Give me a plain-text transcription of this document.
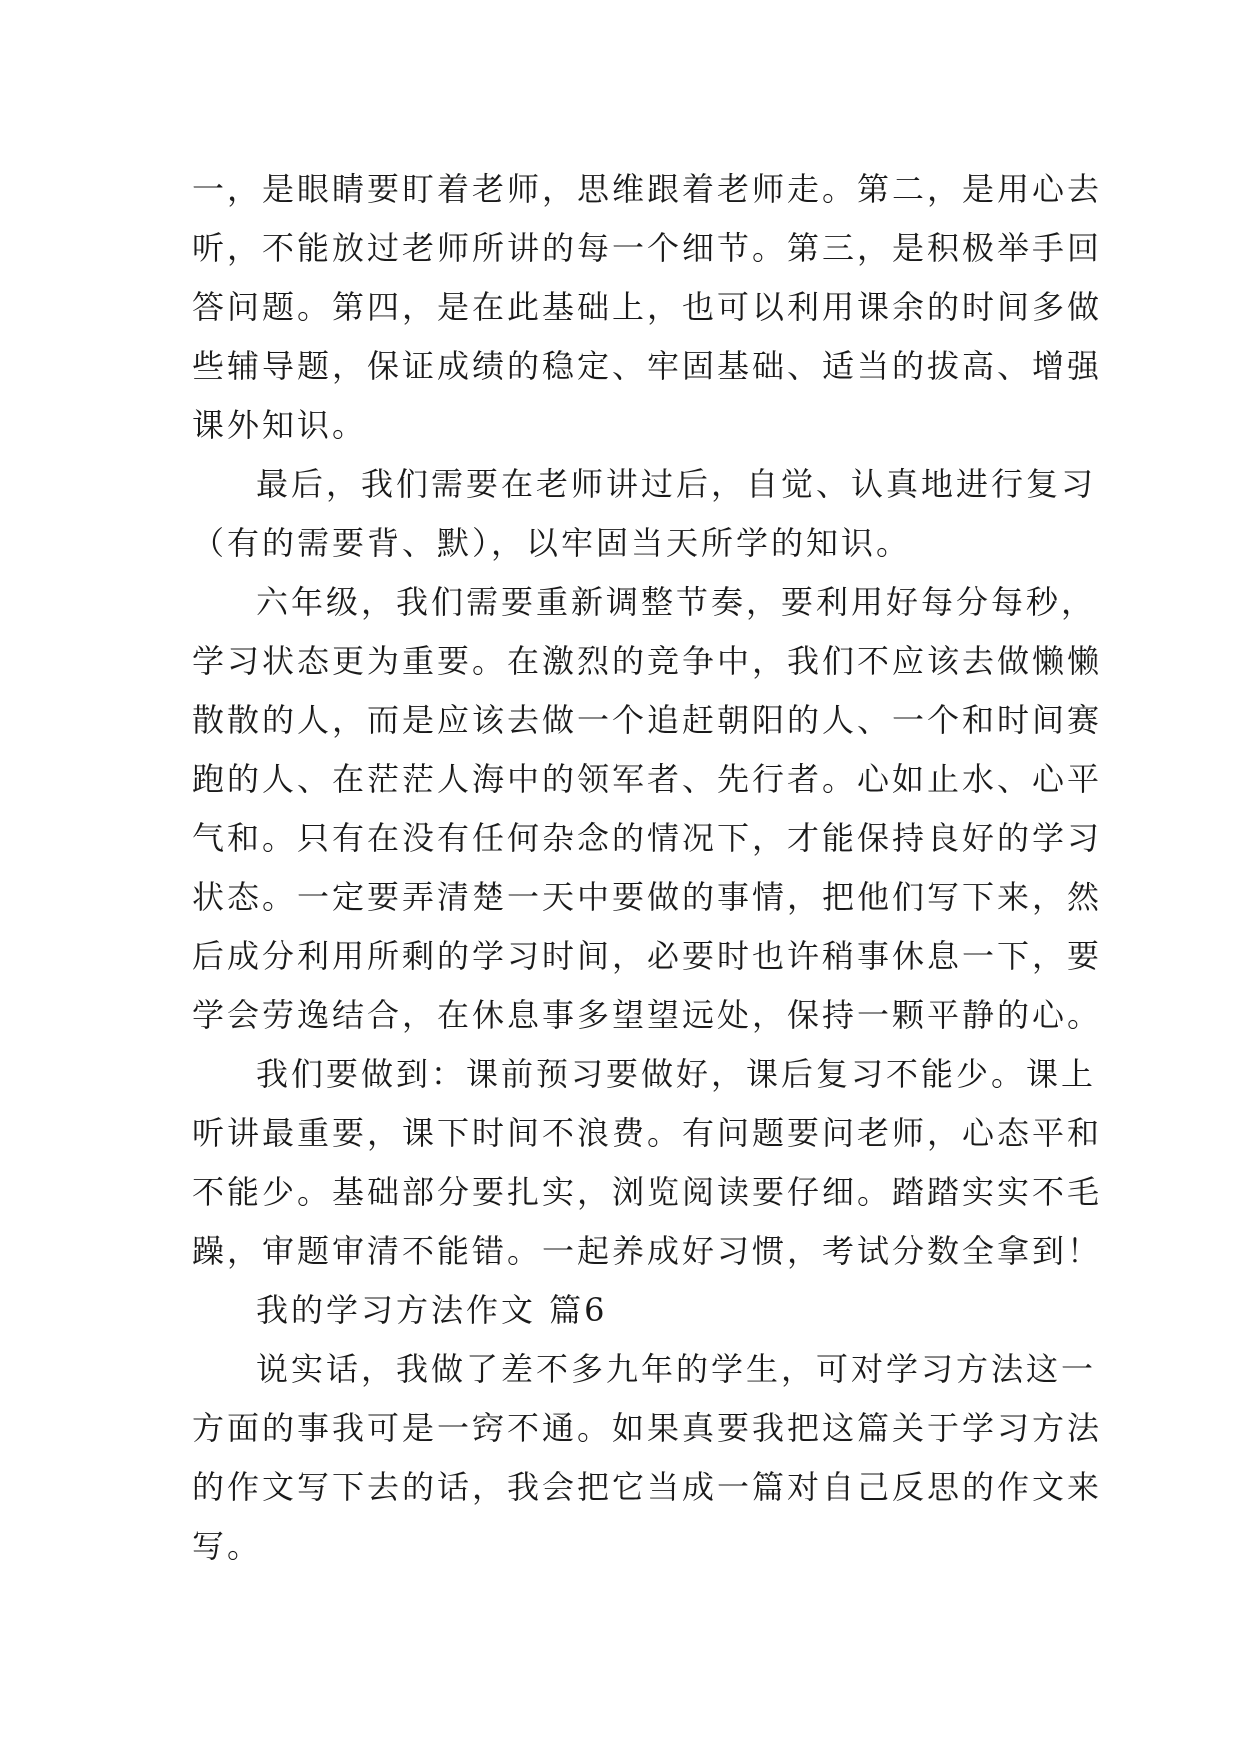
一，是眼睛要盯着老师，思维跟着老师走。第二，是用心去
听，不能放过老师所讲的每一个细节。第三，是积极举手回
答问题。第四，是在此基础上，也可以利用课余的时间多做
些辅导题，保证成绩的稳定、牢固基础、适当的拔高、增强
课外知识。
最后，我们需要在老师讲过后，自觉、认真地进行复习
（有的需要背、默），以牢固当天所学的知识。
六年级，我们需要重新调整节奏，要利用好每分每秒，
学习状态更为重要。在激烈的竞争中，我们不应该去做懒懒
散散的人，而是应该去做一个追赶朝阳的人、一个和时间赛
跑的人、在茫茫人海中的领军者、先行者。心如止水、心平
气和。只有在没有任何杂念的情况下，才能保持良好的学习
状态。一定要弄清楚一天中要做的事情，把他们写下来，然
后成分利用所剩的学习时间，必要时也许稍事休息一下，要
学会劳逸结合，在休息事多望望远处，保持一颗平静的心。
我们要做到：课前预习要做好，课后复习不能少。课上
听讲最重要，课下时间不浪费。有问题要问老师，心态平和
不能少。基础部分要扎实，浏览阅读要仔细。踏踏实实不毛
躁，审题审清不能错。一起养成好习惯，考试分数全拿到！
我的学习方法作文 篇6
说实话，我做了差不多九年的学生，可对学习方法这一
方面的事我可是一窍不通。如果真要我把这篇关于学习方法
的作文写下去的话，我会把它当成一篇对自己反思的作文来
写。
